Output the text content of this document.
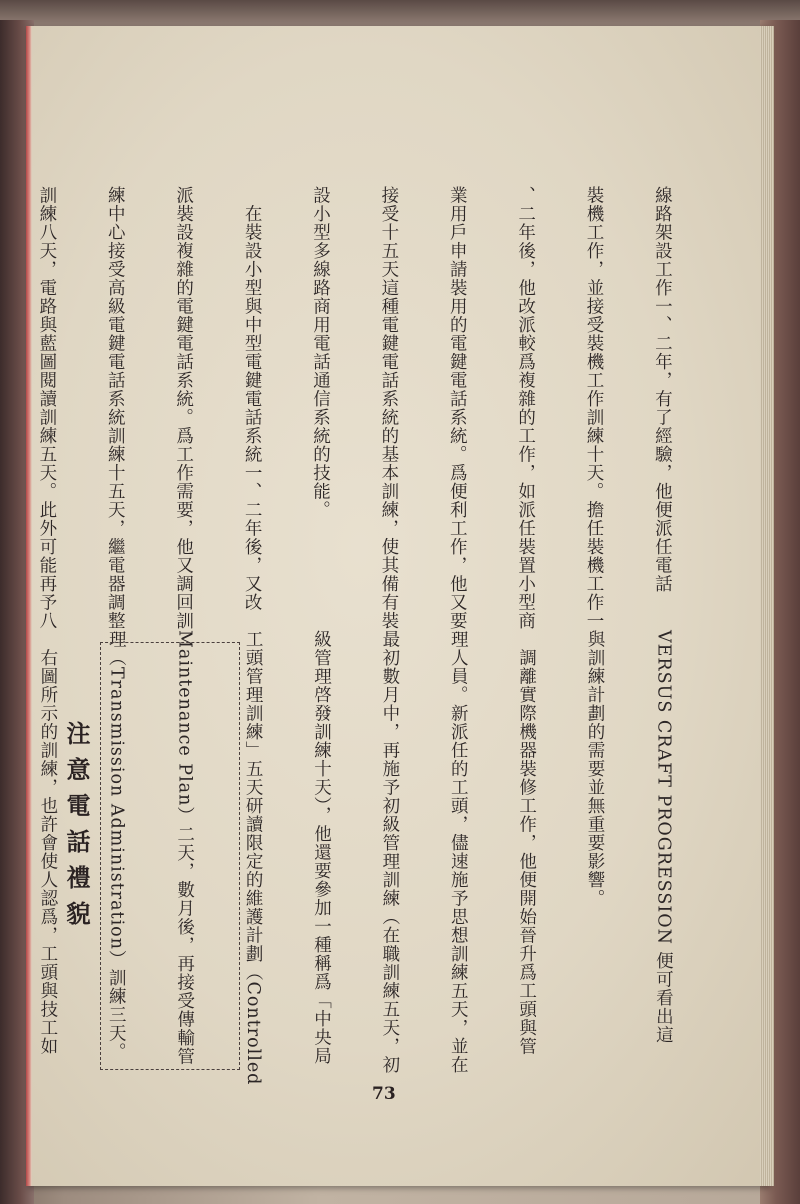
線路架設工作一、二年，有了經驗，他便派任電話

裝機工作，並接受裝機工作訓練十天。擔任裝機工作一

、二年後，他改派較爲複雜的工作，如派任裝置小型商

業用戶申請裝用的電鍵電話系統。爲便利工作，他又要

接受十五天這種電鍵電話系統的基本訓練，使其備有裝

設小型多線路商用電話通信系統的技能。

　在裝設小型與中型電鍵電話系統一、二年後，又改

派裝設複雜的電鍵電話系統。爲工作需要，他又調回訓

練中心接受高級電鍵電話系統訓練十五天，繼電器調整

訓練八天，電路與藍圖閱讀訓練五天。此外可能再予八

VERSUS CRAFT PROGRESSION 便可看出這

與訓練計劃的需要並無重要影響。

　調離實際機器裝修工作，他便開始晉升爲工頭與管

理人員。新派任的工頭，儘速施予思想訓練五天，並在

最初數月中，再施予初級管理訓練（在職訓練五天，初

級管理啓發訓練十天），他還要參加一種稱爲「中央局

工頭管理訓練」五天研讀限定的維護計劃（Controlled

Maintenance Plan）二天，數月後，再接受傳輸管

理（Transmission Administration）訓練三天。

　右圖所示的訓練，也許會使人認爲，工頭與技工如

注意電話禮貌

73
